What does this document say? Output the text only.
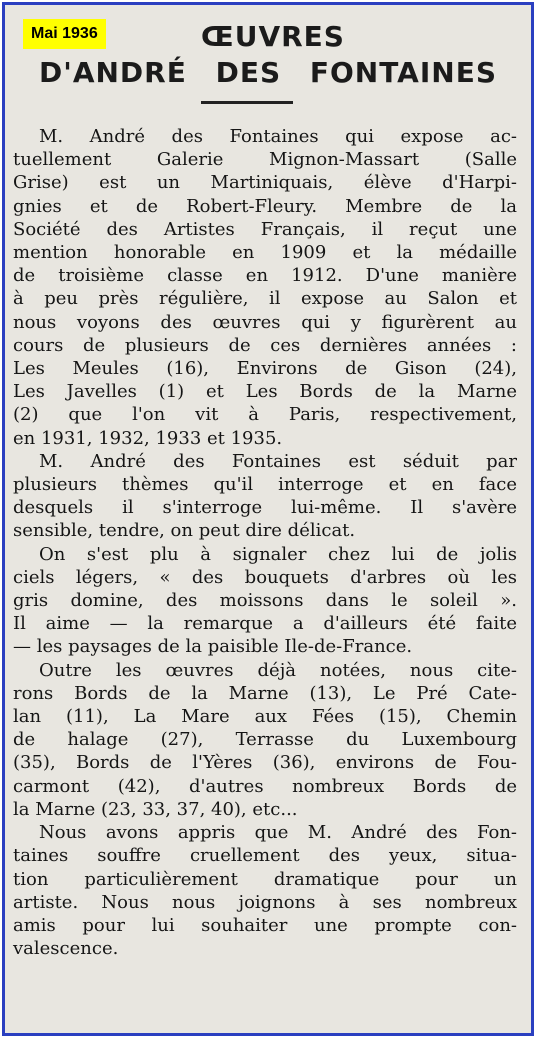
Mai 1936	ŒUVRES
D'ANDRÉ DES FONTAINES
M. André des Fontaines qui expose ac-
tuellement Galerie Mignon-Massart (Salle
Grise) est un Martiniquais, élève d'Harpi-
gnies et de Robert-Fleury. Membre de la
Société des Artistes Français, il reçut une
mention honorable en 1909 et la médaille
de troisième classe en 1912. D'une manière
à peu près régulière, il expose au Salon et
nous voyons des œuvres qui y figurèrent au
cours de plusieurs de ces dernières années :
Les Meules (16), Environs de Gison (24),
Les Javelles (1) et Les Bords de la Marne
(2) que l'on vit à Paris, respectivement,
en 1931, 1932, 1933 et 1935.
M. André des Fontaines est séduit par
plusieurs thèmes qu'il interroge et en face
desquels il s'interroge lui-même. Il s'avère
sensible, tendre, on peut dire délicat.
On s'est plu à signaler chez lui de jolis
ciels légers, « des bouquets d'arbres où les
gris domine, des moissons dans le soleil ».
Il aime — la remarque a d'ailleurs été faite
— les paysages de la paisible Ile-de-France.
Outre les œuvres déjà notées, nous cite-
rons Bords de la Marne (13), Le Pré Cate-
lan (11), La Mare aux Fées (15), Chemin
de halage (27), Terrasse du Luxembourg
(35), Bords de l'Yères (36), environs de Fou-
carmont (42), d'autres nombreux Bords de
la Marne (23, 33, 37, 40), etc...
Nous avons appris que M. André des Fon-
taines souffre cruellement des yeux, situa-
tion particulièrement dramatique pour un
artiste. Nous nous joignons à ses nombreux
amis pour lui souhaiter une prompte con-
valescence.
